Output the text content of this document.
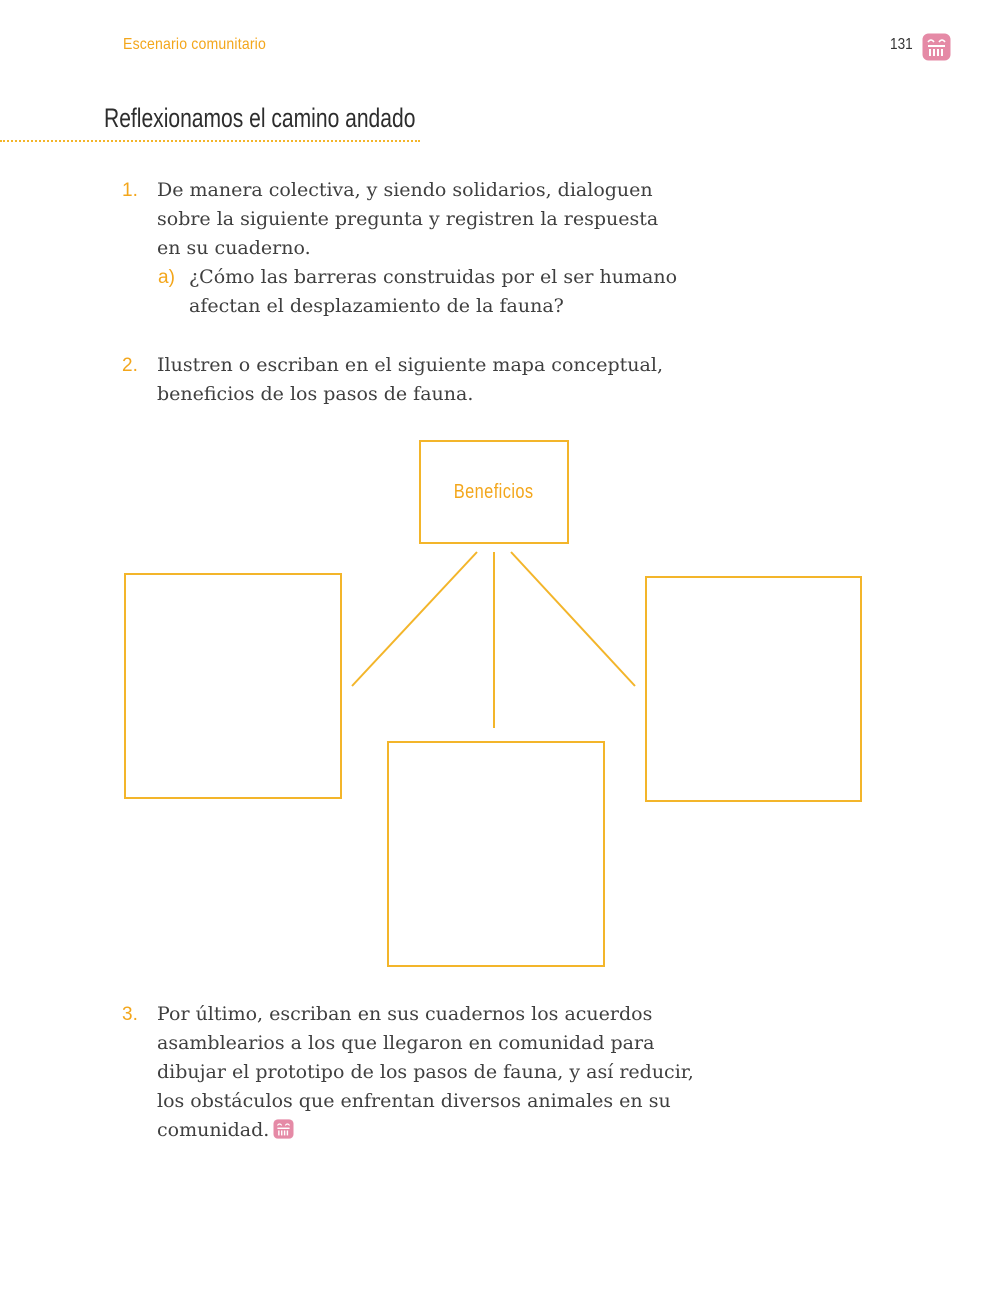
Escenario comunitario	131
Reflexionamos el camino andado
1. De manera colectiva, y siendo solidarios, dialoguen
sobre la siguiente pregunta y registren la respuesta
en su cuaderno.
a) ¿Cómo las barreras construidas por el ser humano
afectan el desplazamiento de la fauna?
2. Ilustren o escriban en el siguiente mapa conceptual,
beneficios de los pasos de fauna.
Beneficios
3. Por último, escriban en sus cuadernos los acuerdos
asamblearios a los que llegaron en comunidad para
dibujar el prototipo de los pasos de fauna, y así reducir,
los obstáculos que enfrentan diversos animales en su
comunidad.
